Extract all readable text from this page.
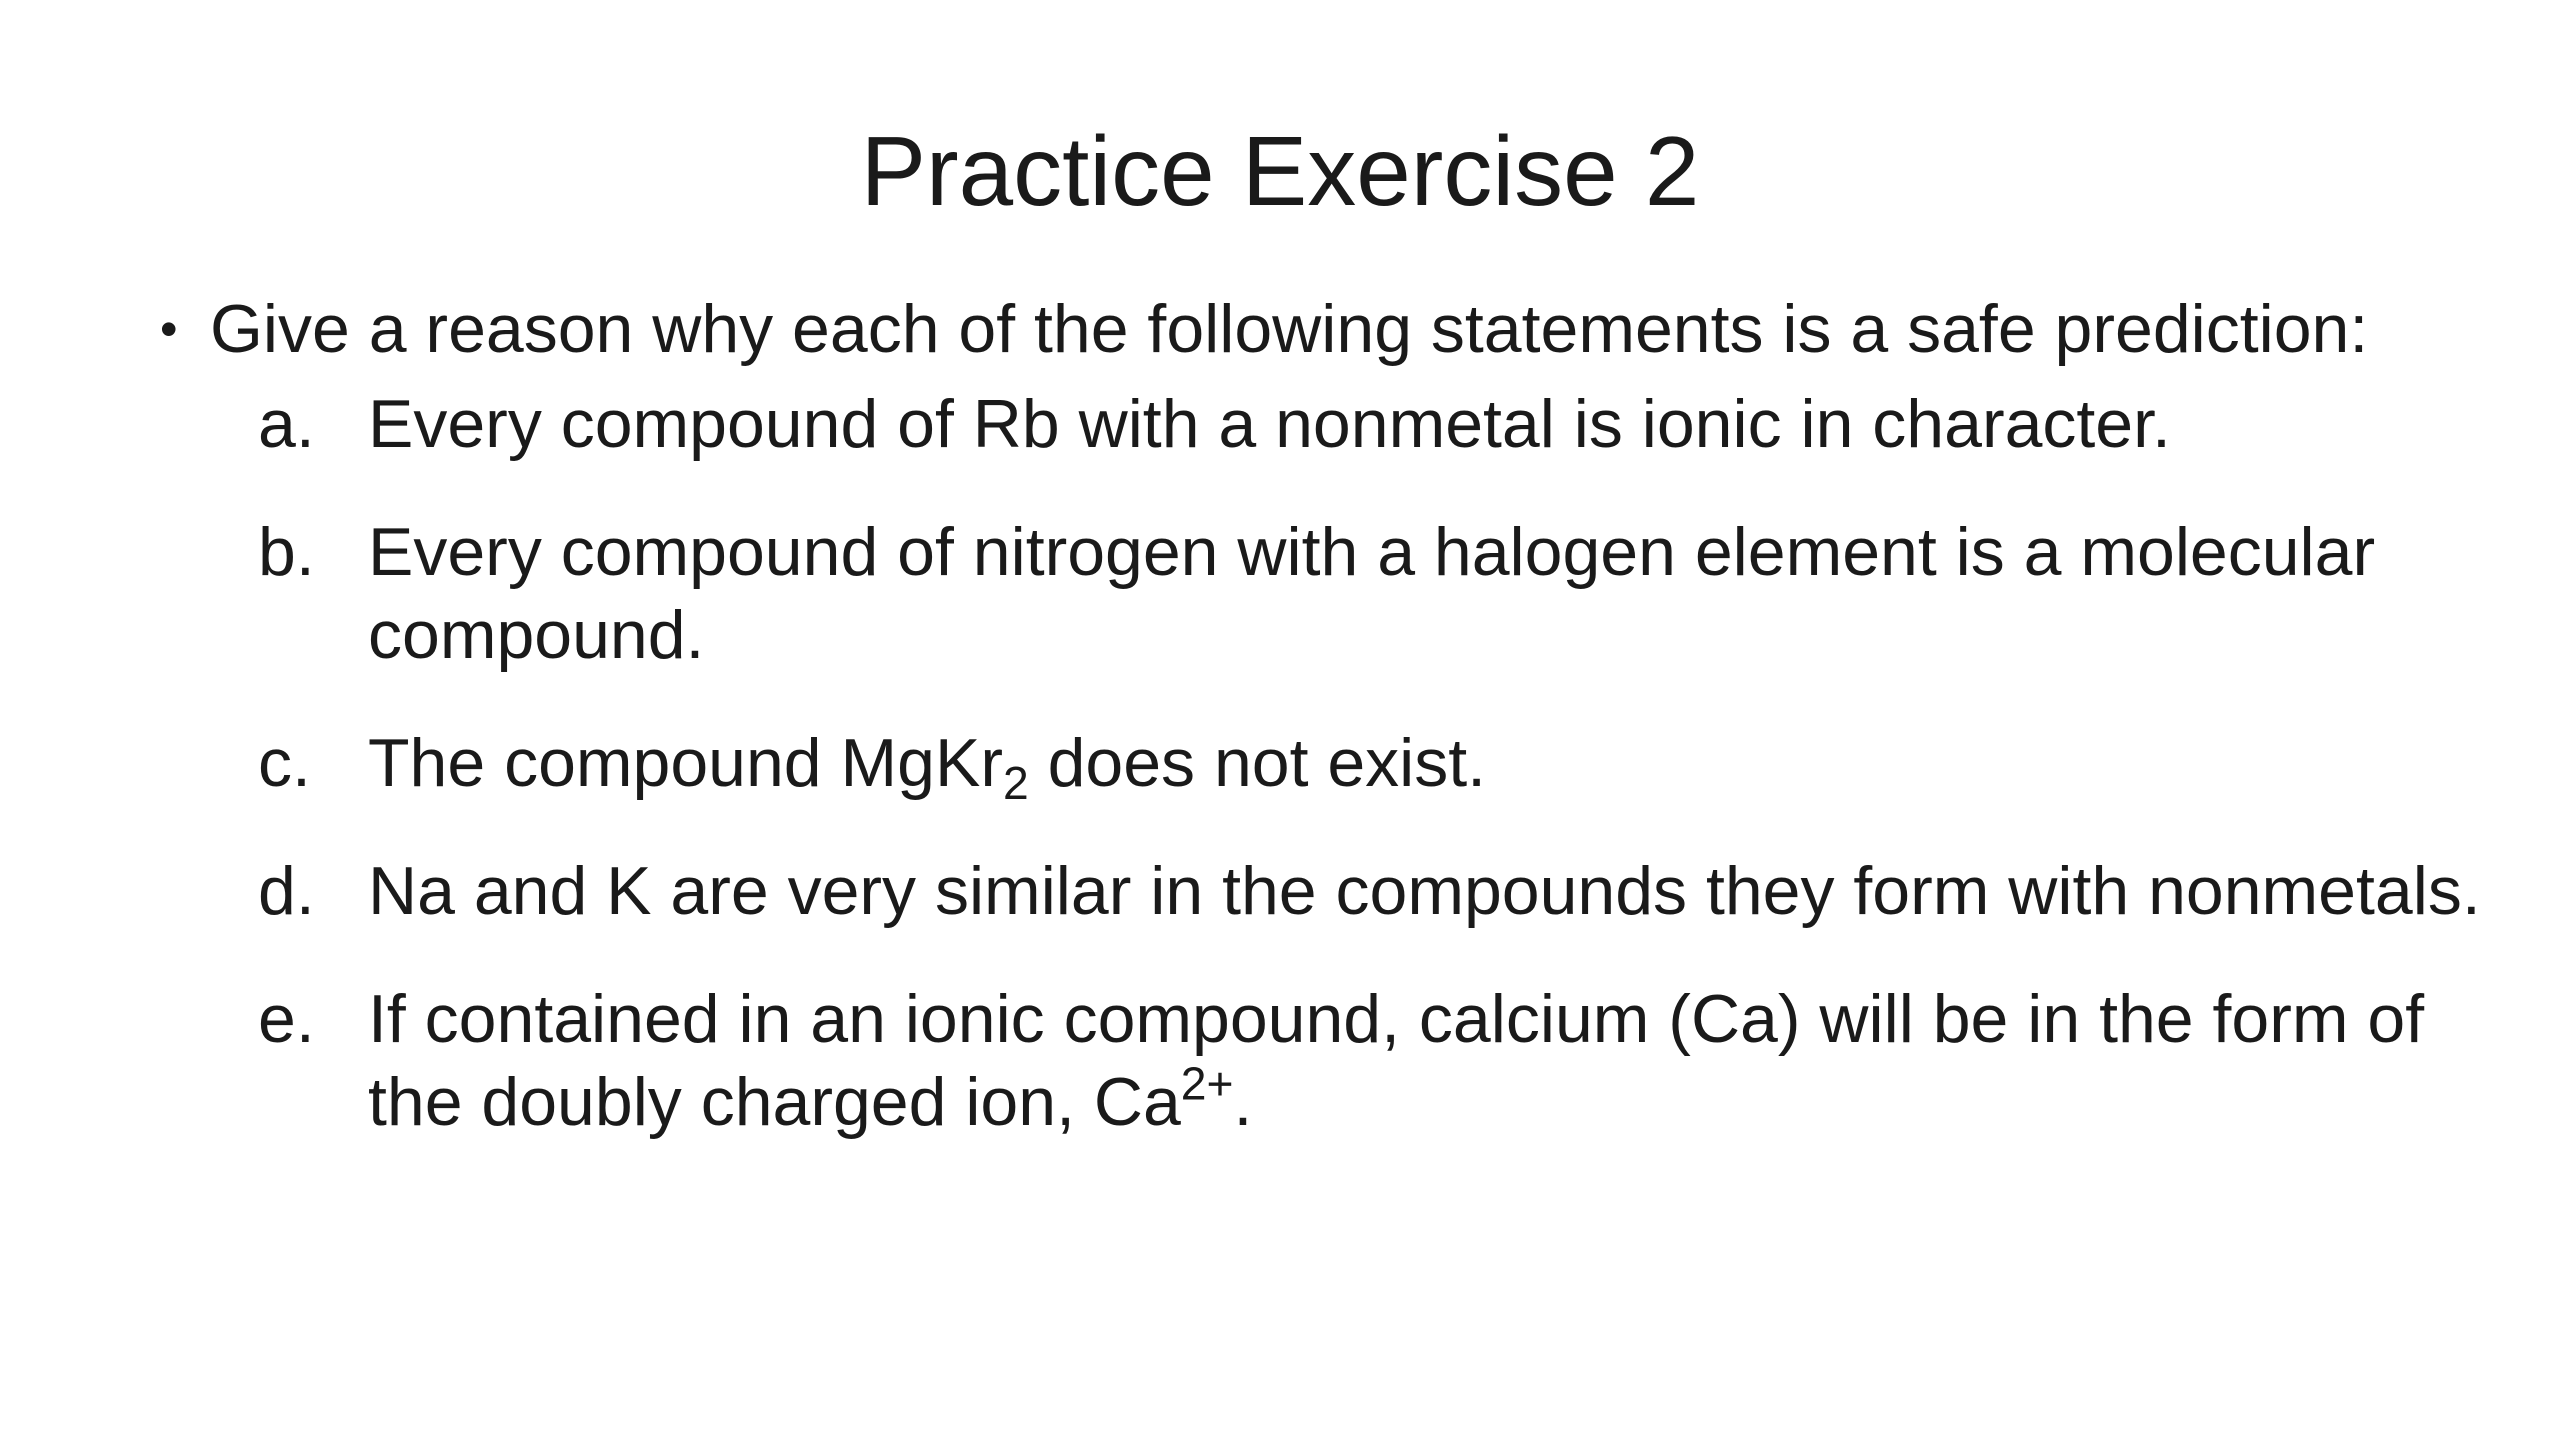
Practice Exercise 2
• Give a reason why each of the following statements is a safe prediction:
a. Every compound of Rb with a nonmetal is ionic in character.
b. Every compound of nitrogen with a halogen element is a molecular compound.
c. The compound MgKr$_2$ does not exist.
d. Na and K are very similar in the compounds they form with nonmetals.
e. If contained in an ionic compound, calcium (Ca) will be in the form of the doubly charged ion, $Ca^{2+}$.
